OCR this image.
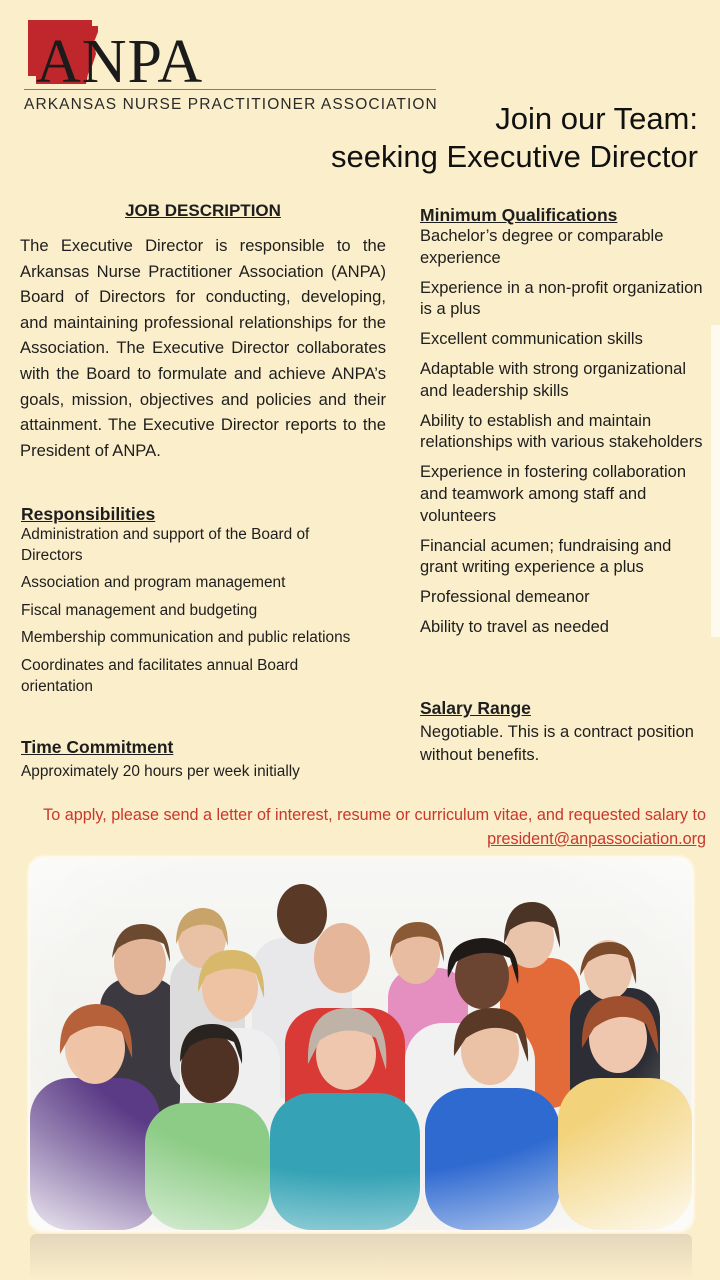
ANPA
ARKANSAS NURSE PRACTITIONER ASSOCIATION	Join our Team:
seeking Executive Director
JOB DESCRIPTION
The Executive Director is responsible to the Arkansas Nurse Practitioner Association (ANPA) Board of Directors for conducting, developing, and maintaining professional relationships for the Association. The Executive Director collaborates with the Board to formulate and achieve ANPA’s goals, mission, objectives and policies and their attainment. The Executive Director reports to the President of ANPA.
Responsibilities
Administration and support of the Board of Directors
Association and program management
Fiscal management and budgeting
Membership communication and public relations
Coordinates and facilitates annual Board orientation
Time Commitment
Approximately 20 hours per week initially
Minimum Qualifications
Bachelor’s degree or comparable experience
Experience in a non-profit organization is a plus
Excellent communication skills
Adaptable with strong organizational and leadership skills
Ability to establish and maintain relationships with various stakeholders
Experience in fostering collaboration and teamwork among staff and volunteers
Financial acumen; fundraising and grant writing experience a plus
Professional demeanor
Ability to travel as needed
Salary Range
Negotiable. This is a contract position without benefits.
To apply, please send a letter of interest, resume or curriculum vitae, and requested salary to president@anpassociation.org
